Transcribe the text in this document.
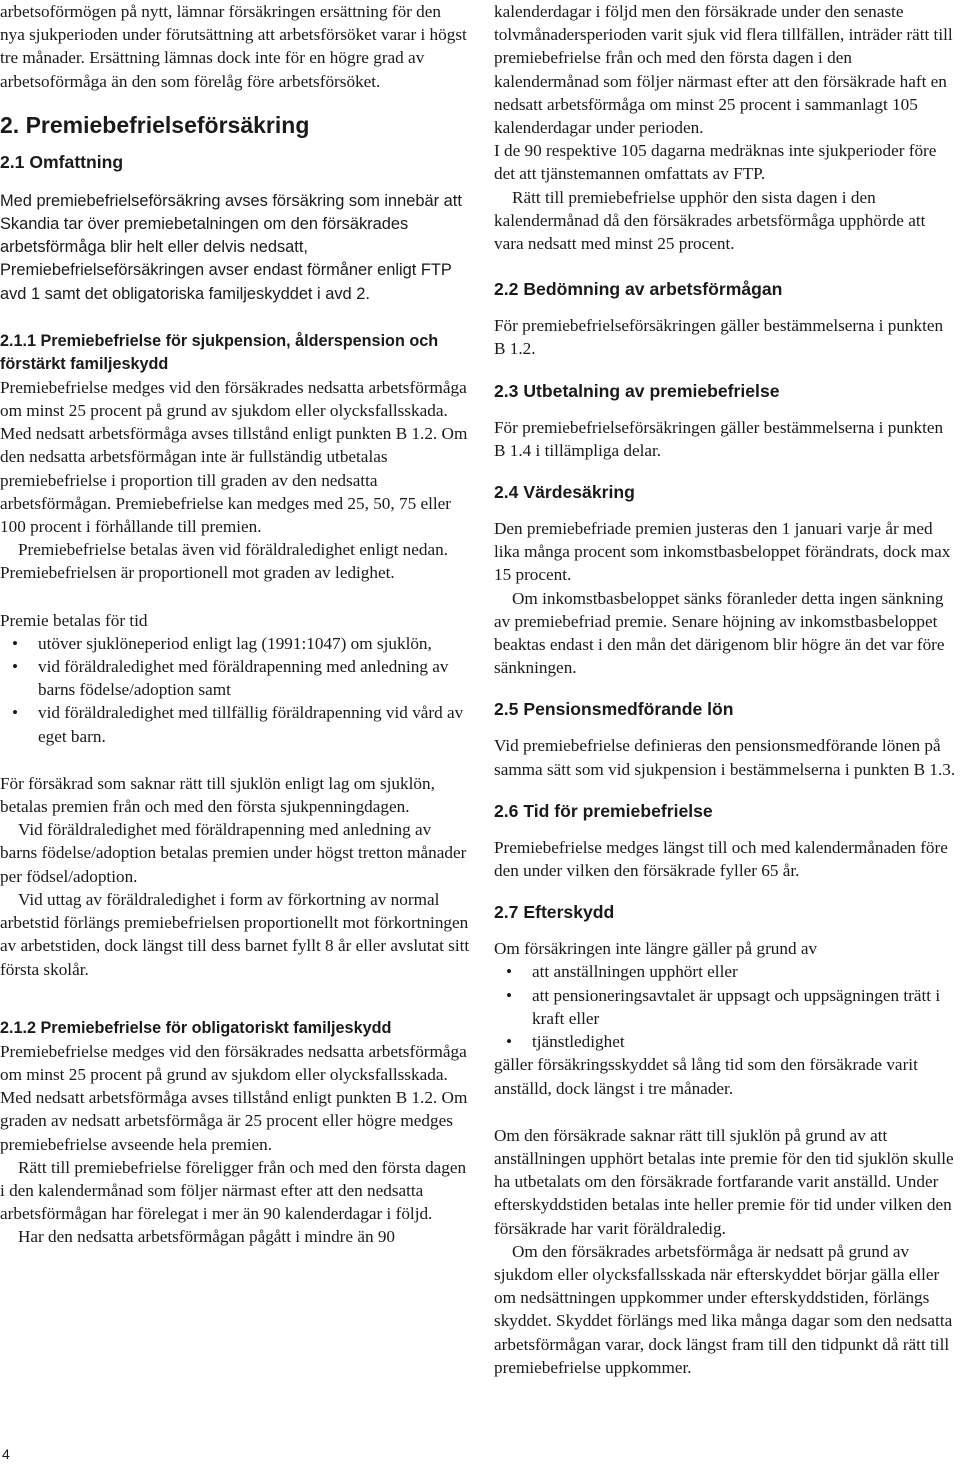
arbetsoförmögen på nytt, lämnar försäkringen ersättning för den nya sjukperioden under förutsättning att arbetsförsöket varar i högst tre månader. Ersättning lämnas dock inte för en högre grad av arbetsoförmåga än den som förelåg före arbetsförsöket.

2. Premiebefrielseförsäkring
2.1 Omfattning

Med premiebefrielseförsäkring avses försäkring som innebär att Skandia tar över premiebetalningen om den försäkrades arbetsförmåga blir helt eller delvis nedsatt, Premiebefrielseförsäkringen avser endast förmåner enligt FTP avd 1 samt det obligatoriska familjeskyddet i avd 2.

2.1.1 Premiebefrielse för sjukpension, ålderspension och förstärkt familjeskydd

Premiebefrielse medges vid den försäkrades nedsatta arbetsförmåga om minst 25 procent på grund av sjukdom eller olycksfallsskada. Med nedsatt arbetsförmåga avses tillstånd enligt punkten B 1.2. Om den nedsatta arbetsförmågan inte är fullständig utbetalas premiebefrielse i proportion till graden av den nedsatta arbetsförmågan. Premiebefrielse kan medges med 25, 50, 75 eller 100 procent i förhållande till premien.

Premiebefrielse betalas även vid föräldraledighet enligt nedan. Premiebefrielsen är proportionell mot graden av ledighet.

Premie betalas för tid

• utöver sjuklöneperiod enligt lag (1991:1047) om sjuklön,
• vid föräldraledighet med föräldrapenning med anledning av barns födelse/adoption samt
• vid föräldraledighet med tillfällig föräldrapenning vid vård av eget barn.

För försäkrad som saknar rätt till sjuklön enligt lag om sjuklön, betalas premien från och med den första sjukpenningdagen.

Vid föräldraledighet med föräldrapenning med anledning av barns födelse/adoption betalas premien under högst tretton månader per födsel/adoption.

Vid uttag av föräldraledighet i form av förkortning av normal arbetstid förlängs premiebefrielsen proportionellt mot förkortningen av arbetstiden, dock längst till dess barnet fyllt 8 år eller avslutat sitt första skolår.

2.1.2 Premiebefrielse för obligatoriskt familjeskydd

Premiebefrielse medges vid den försäkrades nedsatta arbetsförmåga om minst 25 procent på grund av sjukdom eller olycksfallsskada. Med nedsatt arbetsförmåga avses tillstånd enligt punkten B 1.2. Om graden av nedsatt arbetsförmåga är 25 procent eller högre medges premiebefrielse avseende hela premien.

Rätt till premiebefrielse föreligger från och med den första dagen i den kalendermånad som följer närmast efter att den nedsatta arbetsförmågan har förelegat i mer än 90 kalenderdagar i följd.

Har den nedsatta arbetsförmågan pågått i mindre än 90

kalenderdagar i följd men den försäkrade under den senaste tolvmånadersperioden varit sjuk vid flera tillfällen, inträder rätt till premiebefrielse från och med den första dagen i den kalendermånad som följer närmast efter att den försäkrade haft en nedsatt arbetsförmåga om minst 25 procent i sammanlagt 105 kalenderdagar under perioden.

I de 90 respektive 105 dagarna medräknas inte sjukperioder före det att tjänstemannen omfattats av FTP.

Rätt till premiebefrielse upphör den sista dagen i den kalendermånad då den försäkrades arbetsförmåga upphörde att vara nedsatt med minst 25 procent.

2.2 Bedömning av arbetsförmågan

För premiebefrielseförsäkringen gäller bestämmelserna i punkten B 1.2.

2.3 Utbetalning av premiebefrielse

För premiebefrielseförsäkringen gäller bestämmelserna i punkten B 1.4 i tillämpliga delar.

2.4 Värdesäkring

Den premiebefriade premien justeras den 1 januari varje år med lika många procent som inkomstbasbeloppet förändrats, dock max 15 procent.

Om inkomstbasbeloppet sänks föranleder detta ingen sänkning av premiebefriad premie. Senare höjning av inkomstbasbeloppet beaktas endast i den mån det därigenom blir högre än det var före sänkningen.

2.5 Pensionsmedförande lön

Vid premiebefrielse definieras den pensionsmedförande lönen på samma sätt som vid sjukpension i bestämmelserna i punkten B 1.3.

2.6 Tid för premiebefrielse

Premiebefrielse medges längst till och med kalendermånaden före den under vilken den försäkrade fyller 65 år.

2.7 Efterskydd

Om försäkringen inte längre gäller på grund av

• att anställningen upphört eller
• att pensioneringsavtalet är uppsagt och uppsägningen trätt i kraft eller
• tjänstledighet

gäller försäkringsskyddet så lång tid som den försäkrade varit anställd, dock längst i tre månader.

Om den försäkrade saknar rätt till sjuklön på grund av att anställningen upphört betalas inte premie för den tid sjuklön skulle ha utbetalats om den försäkrade fortfarande varit anställd. Under efterskyddstiden betalas inte heller premie för tid under vilken den försäkrade har varit föräldraledig.

Om den försäkrades arbetsförmåga är nedsatt på grund av sjukdom eller olycksfallsskada när efterskyddet börjar gälla eller om nedsättningen uppkommer under efterskyddstiden, förlängs skyddet. Skyddet förlängs med lika många dagar som den nedsatta arbetsförmågan varar, dock längst fram till den tidpunkt då rätt till premiebefrielse uppkommer.

4
